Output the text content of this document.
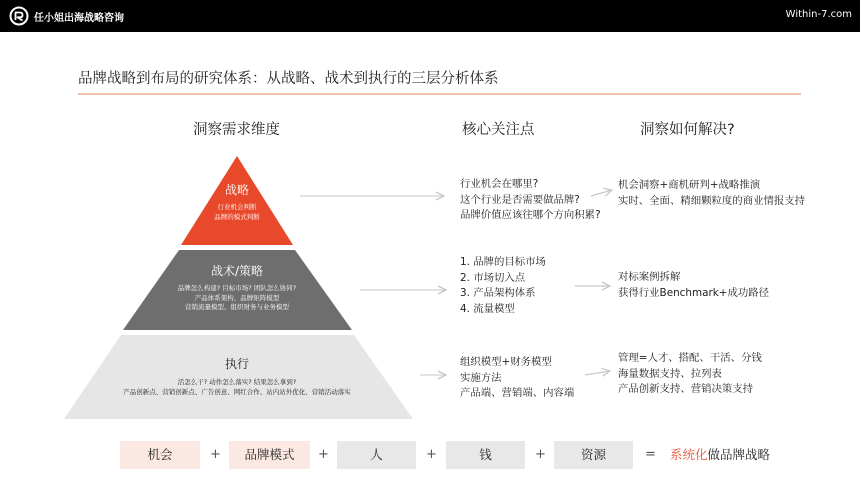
任小姐出海战略咨询	Within-7.com
品牌战略到布局的研究体系：从战略、战术到执行的三层分析体系
洞察需求维度	核心关注点	洞察如何解决?
战略
行业机会判断
品牌的模式判断
战术/策略
品牌怎么构建? 目标市场? 团队怎么协同?
产品体系架构、品牌矩阵模型
营销流量模型、组织财务与业务模型
执行
活怎么干? 动作怎么落实? 结果怎么拿到?
产品创新点、营销创新点、广告创意、网红合作、站内站外优化、营销活动落实
行业机会在哪里?
这个行业是否需要做品牌?
品牌价值应该往哪个方向积累?
1. 品牌的目标市场
2. 市场切入点
3. 产品架构体系
4. 流量模型
组织模型+财务模型
实施方法
产品端、营销端、内容端
机会洞察+商机研判+战略推演
实时、全面、精细颗粒度的商业情报支持
对标案例拆解
获得行业Benchmark+成功路径
管理=人才、搭配、干活、分钱
海量数据支持、拉列表
产品创新支持、营销决策支持
机会	+	品牌模式	+	人	+	钱	+	资源	= 系统化做品牌战略
